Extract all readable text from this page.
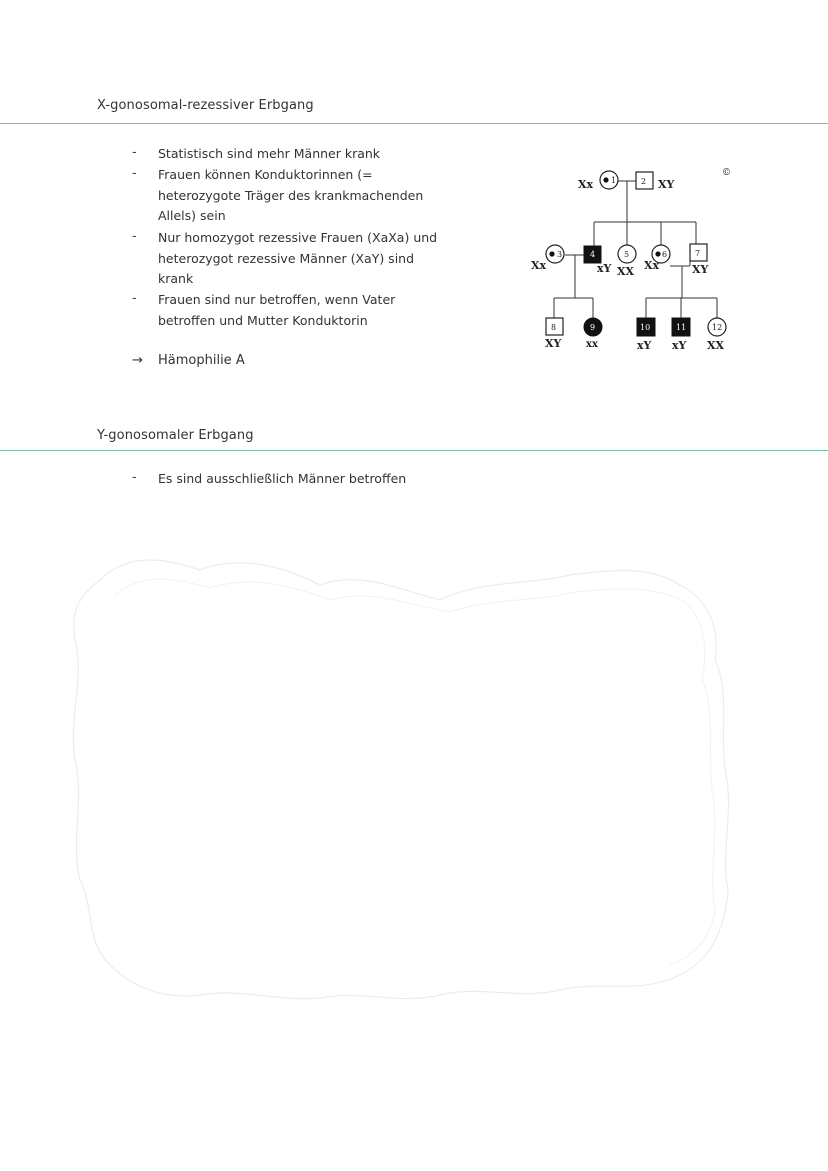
X-gonosomal-rezessiver Erbgang
-	Statistisch sind mehr Männer krank
-	Frauen können Konduktorinnen (=
heterozygote Träger des krankmachenden
Allels) sein
-	Nur homozygot rezessive Frauen (XaXa) und
heterozygot rezessive Männer (XaY) sind
krank
-	Frauen sind nur betroffen, wenn Vater
betroffen und Mutter Konduktorin
→ Hämophilie A
©
1
Xx	2 XY
3
Xx
4
xY
5
XX
6
Xx
7
XY
8
XY
9
xx
10
xY
11
xY
12
XX
Y-gonosomaler Erbgang
-	Es sind ausschließlich Männer betroffen
